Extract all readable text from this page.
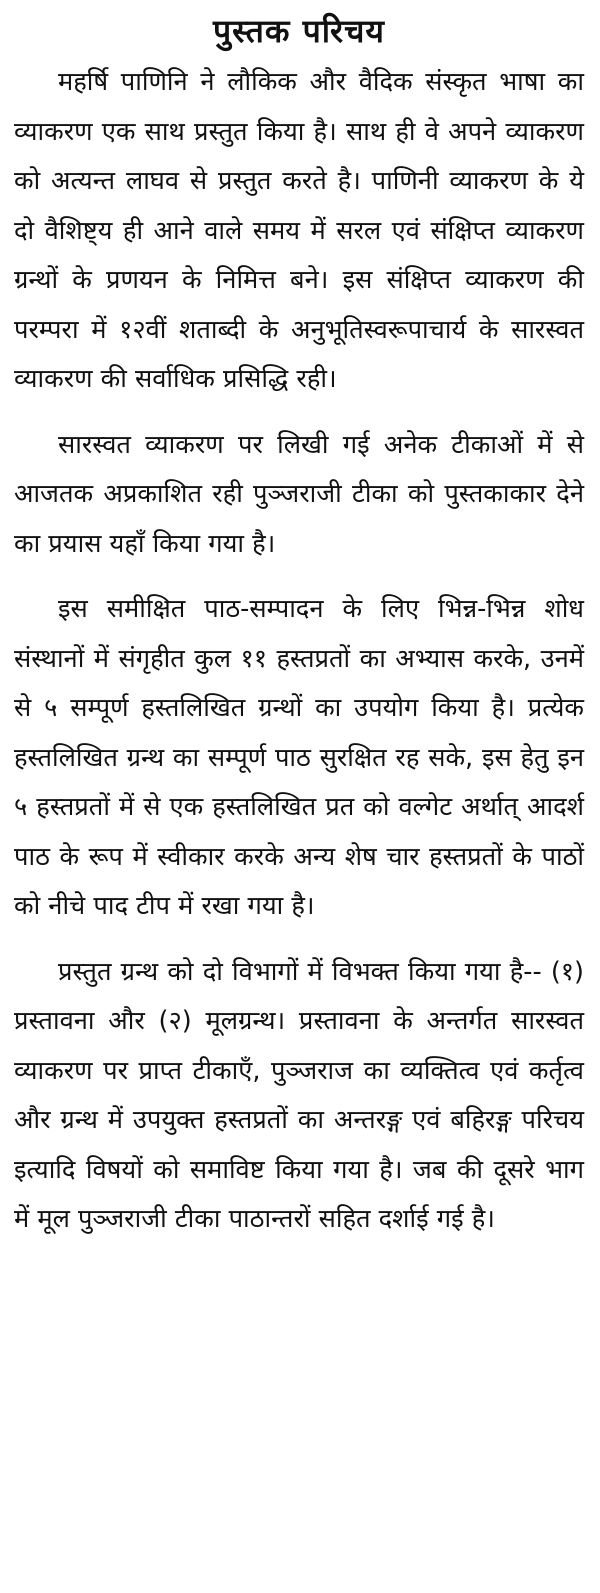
पुस्तक परिचय

महर्षि पाणिनि ने लौकिक और वैदिक संस्कृत भाषा का व्याकरण एक साथ प्रस्तुत किया है। साथ ही वे अपने व्याकरण को अत्यन्त लाघव से प्रस्तुत करते है। पाणिनी व्याकरण के ये दो वैशिष्ट्य ही आने वाले समय में सरल एवं संक्षिप्त व्याकरण ग्रन्थों के प्रणयन के निमित्त बने। इस संक्षिप्त व्याकरण की परम्परा में १२वीं शताब्दी के अनुभूतिस्वरूपाचार्य के सारस्वत व्याकरण की सर्वाधिक प्रसिद्धि रही।

सारस्वत व्याकरण पर लिखी गई अनेक टीकाओं में से आजतक अप्रकाशित रही पुञ्जराजी टीका को पुस्तकाकार देने का प्रयास यहाँ किया गया है।

इस समीक्षित पाठ-सम्पादन के लिए भिन्न-भिन्न शोध संस्थानों में संगृहीत कुल ११ हस्तप्रतों का अभ्यास करके, उनमें से ५ सम्पूर्ण हस्तलिखित ग्रन्थों का उपयोग किया है। प्रत्येक हस्तलिखित ग्रन्थ का सम्पूर्ण पाठ सुरक्षित रह सके, इस हेतु इन ५ हस्तप्रतों में से एक हस्तलिखित प्रत को वल्गेट अर्थात् आदर्श पाठ के रूप में स्वीकार करके अन्य शेष चार हस्तप्रतों के पाठों को नीचे पाद टीप में रखा गया है।

प्रस्तुत ग्रन्थ को दो विभागों में विभक्त किया गया है-- (१) प्रस्तावना और (२) मूलग्रन्थ। प्रस्तावना के अन्तर्गत सारस्वत व्याकरण पर प्राप्त टीकाएँ, पुञ्जराज का व्यक्तित्व एवं कर्तृत्व और ग्रन्थ में उपयुक्त हस्तप्रतों का अन्तरङ्ग एवं बहिरङ्ग परिचय इत्यादि विषयों को समाविष्ट किया गया है। जब की दूसरे भाग में मूल पुञ्जराजी टीका पाठान्तरों सहित दर्शाई गई है।
